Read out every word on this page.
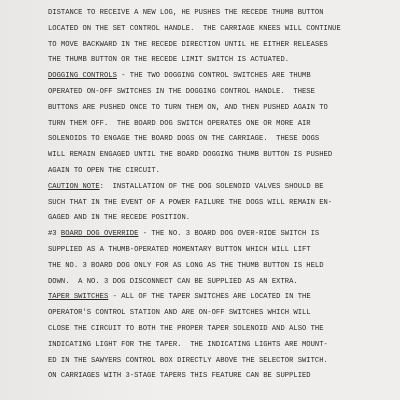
DISTANCE TO RECEIVE A NEW LOG, HE PUSHES THE RECEDE THUMB BUTTON
LOCATED ON THE SET CONTROL HANDLE.  THE CARRIAGE KNEES WILL CONTINUE
TO MOVE BACKWARD IN THE RECEDE DIRECTION UNTIL HE EITHER RELEASES
THE THUMB BUTTON OR THE RECEDE LIMIT SWITCH IS ACTUATED.
DOGGING CONTROLS - THE TWO DOGGING CONTROL SWITCHES ARE THUMB
OPERATED ON-OFF SWITCHES IN THE DOGGING CONTROL HANDLE.  THESE
BUTTONS ARE PUSHED ONCE TO TURN THEM ON, AND THEN PUSHED AGAIN TO
TURN THEM OFF.  THE BOARD DOG SWITCH OPERATES ONE OR MORE AIR
SOLENOIDS TO ENGAGE THE BOARD DOGS ON THE CARRIAGE.  THESE DOGS
WILL REMAIN ENGAGED UNTIL THE BOARD DOGGING THUMB BUTTON IS PUSHED
AGAIN TO OPEN THE CIRCUIT.
CAUTION NOTE:  INSTALLATION OF THE DOG SOLENOID VALVES SHOULD BE
SUCH THAT IN THE EVENT OF A POWER FAILURE THE DOGS WILL REMAIN EN-
GAGED AND IN THE RECEDE POSITION.
#3 BOARD DOG OVERRIDE - THE NO. 3 BOARD DOG OVER-RIDE SWITCH IS
SUPPLIED AS A THUMB-OPERATED MOMENTARY BUTTON WHICH WILL LIFT
THE NO. 3 BOARD DOG ONLY FOR AS LONG AS THE THUMB BUTTON IS HELD
DOWN.  A NO. 3 DOG DISCONNECT CAN BE SUPPLIED AS AN EXTRA.
TAPER SWITCHES - ALL OF THE TAPER SWITCHES ARE LOCATED IN THE
OPERATOR'S CONTROL STATION AND ARE ON-OFF SWITCHES WHICH WILL
CLOSE THE CIRCUIT TO BOTH THE PROPER TAPER SOLENOID AND ALSO THE
INDICATING LIGHT FOR THE TAPER.  THE INDICATING LIGHTS ARE MOUNT-
ED IN THE SAWYERS CONTROL BOX DIRECTLY ABOVE THE SELECTOR SWITCH.
ON CARRIAGES WITH 3-STAGE TAPERS THIS FEATURE CAN BE SUPPLIED
